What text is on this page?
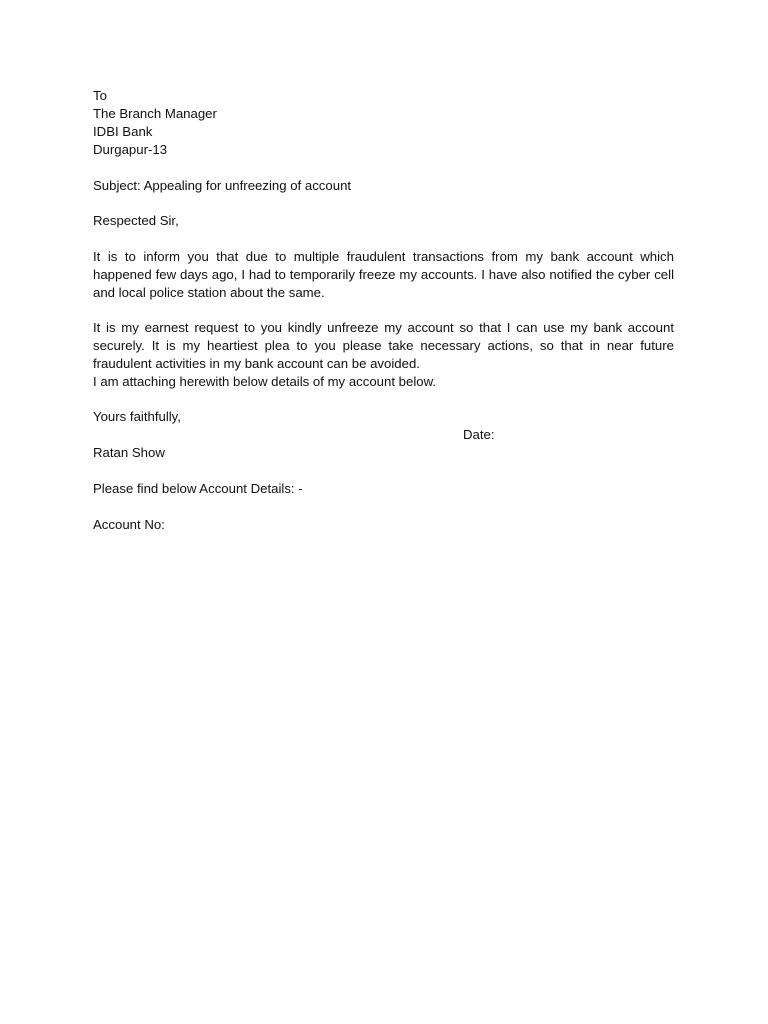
To
The Branch Manager
IDBI Bank
Durgapur-13
Subject: Appealing for unfreezing of account
Respected Sir,
It is to inform you that due to multiple fraudulent transactions from my bank account which happened few days ago, I had to temporarily freeze my accounts. I have also notified the cyber cell and local police station about the same.
It is my earnest request to you kindly unfreeze my account so that I can use my bank account securely. It is my heartiest plea to you please take necessary actions, so that in near future fraudulent activities in my bank account can be avoided.
I am attaching herewith below details of my account below.
Yours faithfully,
Date:
Ratan Show
Please find below Account Details: -
Account No:
